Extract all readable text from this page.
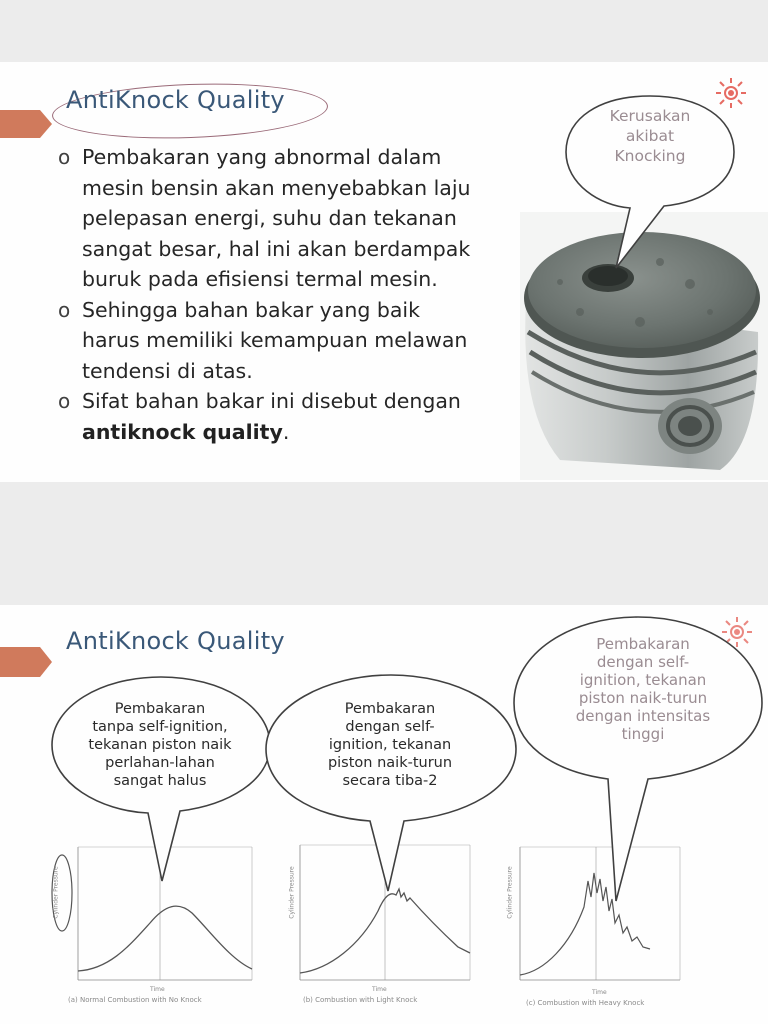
AntiKnock Quality
o Pembakaran yang abnormal dalam
mesin bensin akan menyebabkan laju
pelepasan energi, suhu dan tekanan
sangat besar, hal ini akan berdampak
buruk pada efisiensi termal mesin.
o Sehingga bahan bakar yang baik
harus memiliki kemampuan melawan
tendensi di atas.
o Sifat bahan bakar ini disebut dengan
antiknock quality.
Kerusakan
akibat
Knocking
AntiKnock Quality
Cylinder Pressure	Cylinder Pressure	Cylinder Pressure
Time	Time	Time
(a) Normal Combustion with No Knock	(b) Combustion with Light Knock	(c) Combustion with Heavy Knock
Pembakaran
dengan self-
ignition, tekanan
piston naik-turun
dengan intensitas
tinggi
Pembakaran
tanpa self-ignition,
tekanan piston naik
perlahan-lahan
sangat halus
Pembakaran
dengan self-
ignition, tekanan
piston naik-turun
secara tiba-2
